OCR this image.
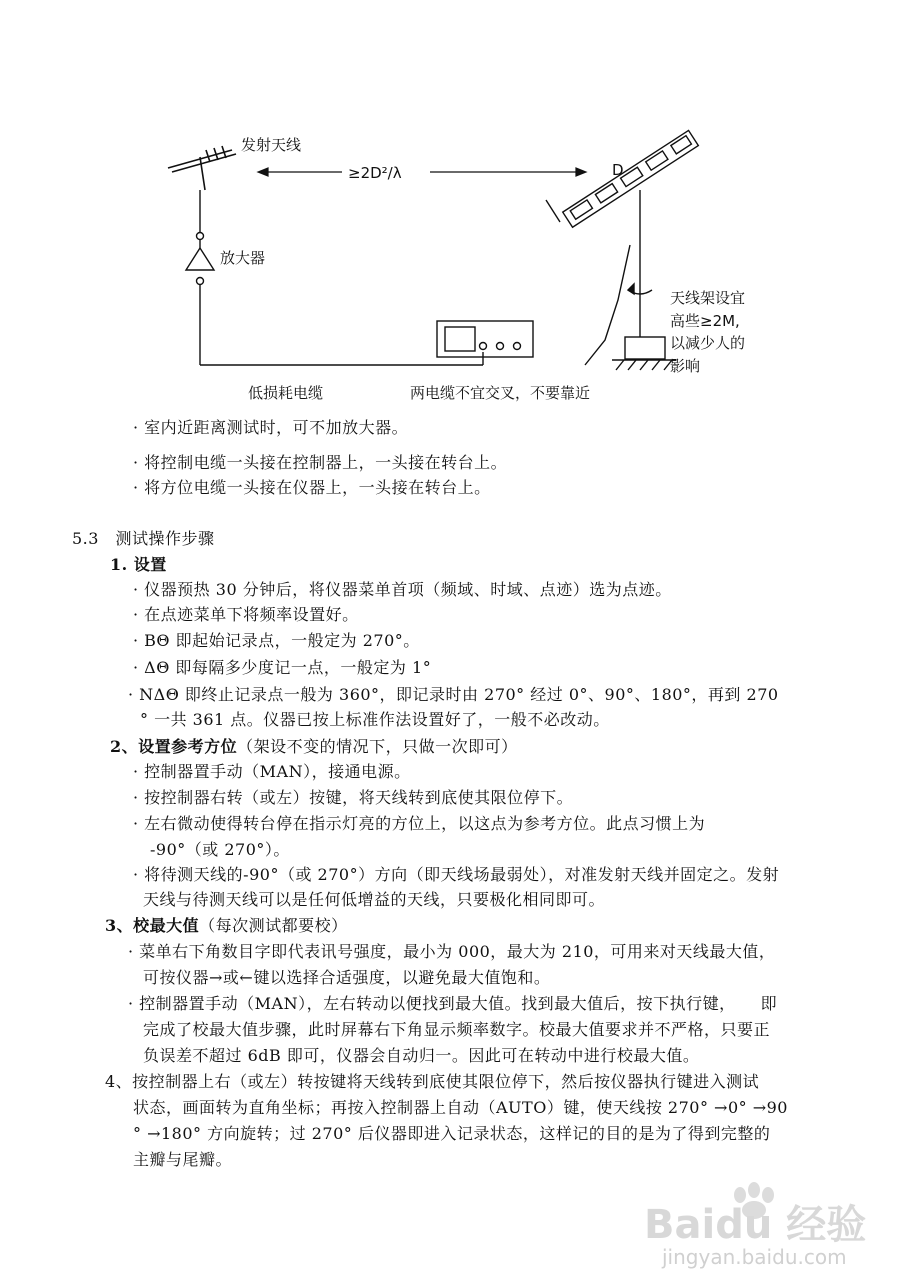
发射天线
≥2D²/λ
放大器
D
天线架设宜
高些≥2M,
以减少人的
影响
低损耗电缆	两电缆不宜交叉，不要靠近
· 室内近距离测试时，可不加放大器。
· 将控制电缆一头接在控制器上，一头接在转台上。
· 将方位电缆一头接在仪器上，一头接在转台上。
5.3　测试操作步骤
1. 设置
· 仪器预热 30 分钟后，将仪器菜单首项（频域、时域、点迹）选为点迹。
· 在点迹菜单下将频率设置好。
· BΘ 即起始记录点，一般定为 270°。
· ΔΘ 即每隔多少度记一点，一般定为 1°
· NΔΘ 即终止记录点一般为 360°，即记录时由 270° 经过 0°、90°、180°，再到 270
° 一共 361 点。仪器已按上标准作法设置好了，一般不必改动。
2、设置参考方位（架设不变的情况下，只做一次即可）
· 控制器置手动（MAN），接通电源。
· 按控制器右转（或左）按键，将天线转到底使其限位停下。
· 左右微动使得转台停在指示灯亮的方位上，以这点为参考方位。此点习惯上为
-90°（或 270°）。
· 将待测天线的-90°（或 270°）方向（即天线场最弱处），对准发射天线并固定之。发射
天线与待测天线可以是任何低增益的天线，只要极化相同即可。
3、校最大值（每次测试都要校）
· 菜单右下角数目字即代表讯号强度，最小为 000，最大为 210，可用来对天线最大值，
可按仪器→或←键以选择合适强度，以避免最大值饱和。
· 控制器置手动（MAN），左右转动以便找到最大值。找到最大值后，按下执行键，　　即
完成了校最大值步骤，此时屏幕右下角显示频率数字。校最大值要求并不严格，只要正
负误差不超过 6dB 即可，仪器会自动归一。因此可在转动中进行校最大值。
4、按控制器上右（或左）转按键将天线转到底使其限位停下，然后按仪器执行键进入测试
状态，画面转为直角坐标；再按入控制器上自动（AUTO）键，使天线按 270° →0° →90
° →180° 方向旋转；过 270° 后仪器即进入记录状态，这样记的目的是为了得到完整的
主瓣与尾瓣。
Baidu 经验
jingyan.baidu.com
